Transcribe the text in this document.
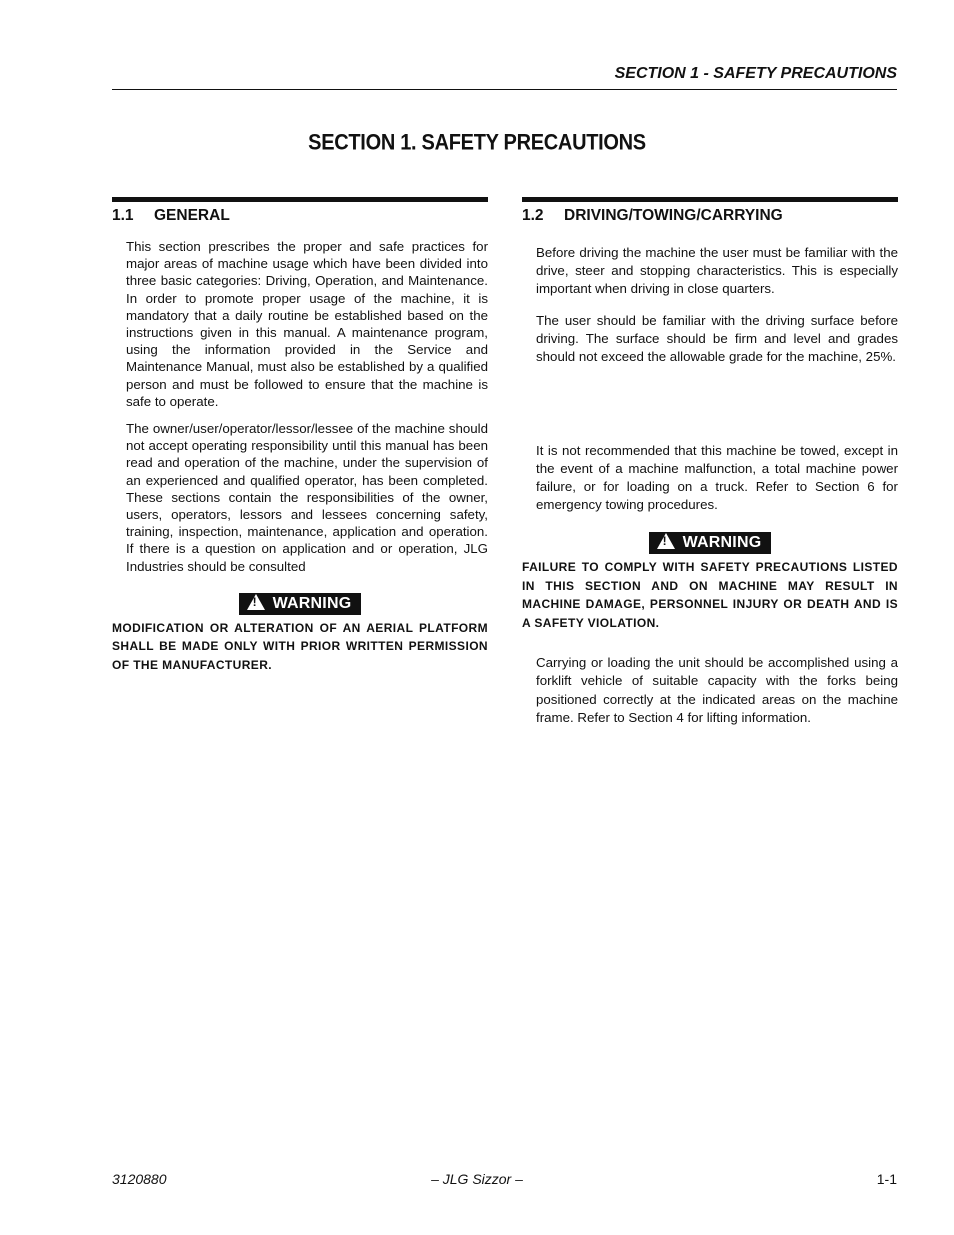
SECTION 1 - SAFETY PRECAUTIONS
SECTION 1. SAFETY PRECAUTIONS
1.1 GENERAL

This section prescribes the proper and safe practices for major areas of machine usage which have been divided into three basic categories: Driving, Operation, and Maintenance. In order to promote proper usage of the machine, it is mandatory that a daily routine be established based on the instructions given in this manual. A maintenance program, using the information provided in the Service and Maintenance Manual, must also be established by a qualified person and must be followed to ensure that the machine is safe to operate.

The owner/user/operator/lessor/lessee of the machine should not accept operating responsibility until this manual has been read and operation of the machine, under the supervision of an experienced and qualified operator, has been completed. These sections contain the responsibilities of the owner, users, operators, lessors and lessees concerning safety, training, inspection, maintenance, application and operation. If there is a question on application and or operation, JLG Industries should be consulted

!WARNING
MODIFICATION OR ALTERATION OF AN AERIAL PLATFORM SHALL BE MADE ONLY WITH PRIOR WRITTEN PERMISSION OF THE MANUFACTURER.
1.2 DRIVING/TOWING/CARRYING

Before driving the machine the user must be familiar with the drive, steer and stopping characteristics. This is especially important when driving in close quarters.

The user should be familiar with the driving surface before driving. The surface should be firm and level and grades should not exceed the allowable grade for the machine, 25%.

It is not recommended that this machine be towed, except in the event of a machine malfunction, a total machine power failure, or for loading on a truck. Refer to Section 6 for emergency towing procedures.

!WARNING
FAILURE TO COMPLY WITH SAFETY PRECAUTIONS LISTED IN THIS SECTION AND ON MACHINE MAY RESULT IN MACHINE DAMAGE, PERSONNEL INJURY OR DEATH AND IS A SAFETY VIOLATION.

Carrying or loading the unit should be accomplished using a forklift vehicle of suitable capacity with the forks being positioned correctly at the indicated areas on the machine frame. Refer to Section 4 for lifting information.

3120880	– JLG Sizzor –	1-1
